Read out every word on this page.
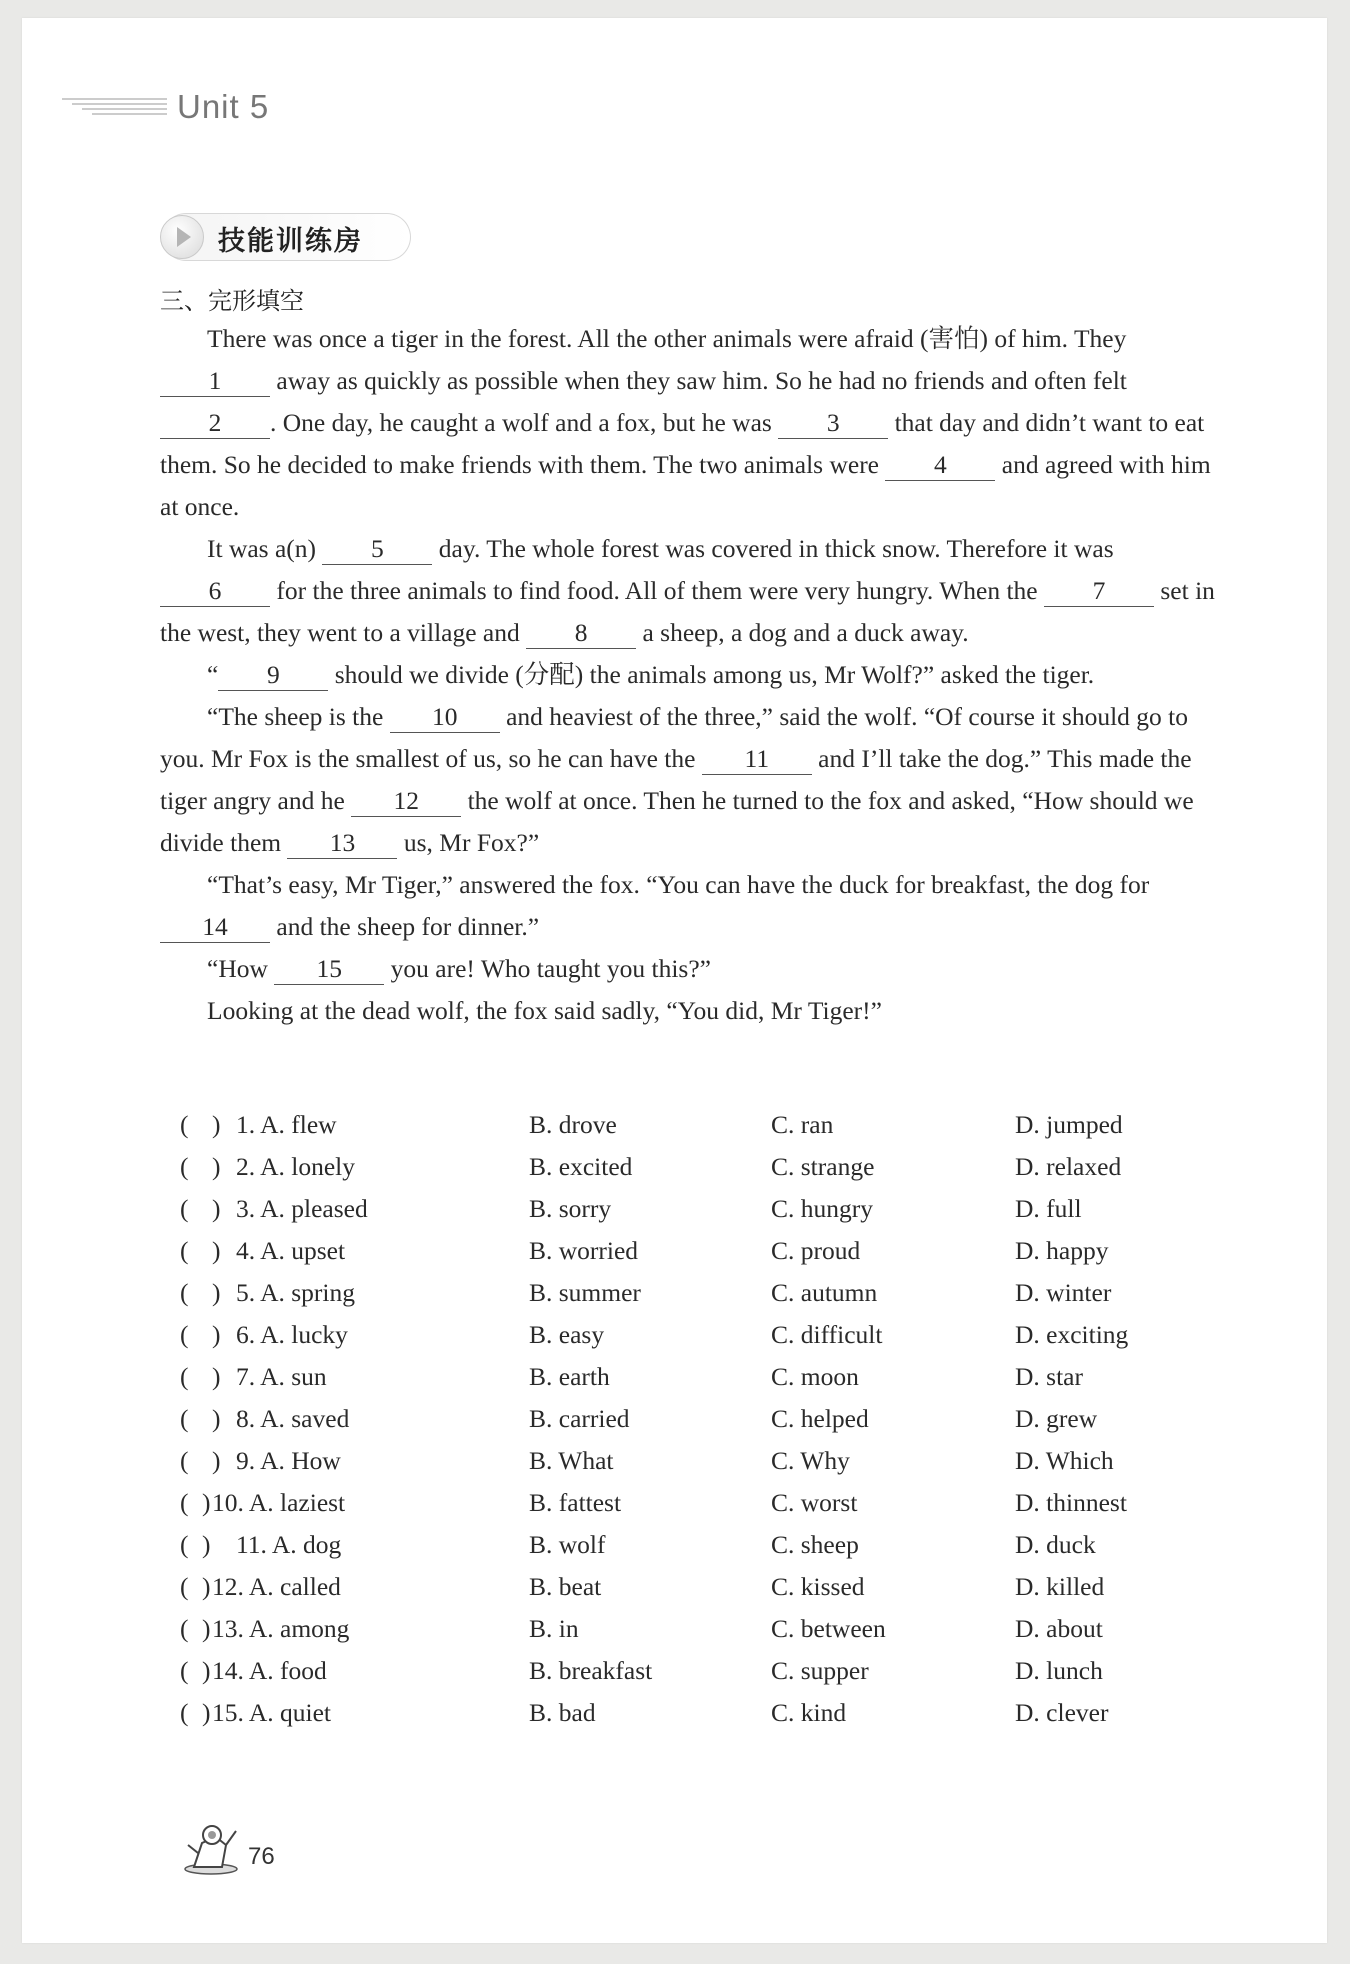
Unit 5
技能训练房
三、完形填空

There was once a tiger in the forest. All the other animals were afraid (害怕) of him. They 1 away as quickly as possible when they saw him. So he had no friends and often felt 2 . One day, he caught a wolf and a fox, but he was 3 that day and didn’t want to eat them. So he decided to make friends with them. The two animals were 4 and agreed with him at once.

It was a(n) 5 day. The whole forest was covered in thick snow. Therefore it was 6 for the three animals to find food. All of them were very hungry. When the 7 set in the west, they went to a village and 8 a sheep, a dog and a duck away.

“ 9 should we divide (分配) the animals among us, Mr Wolf?” asked the tiger.

“The sheep is the 10 and heaviest of the three,” said the wolf. “Of course it should go to you. Mr Fox is the smallest of us, so he can have the 11 and I’ll take the dog.” This made the tiger angry and he 12 the wolf at once. Then he turned to the fox and asked, “How should we divide them 13 us, Mr Fox?”

“That’s easy, Mr Tiger,” answered the fox. “You can have the duck for breakfast, the dog for 14 and the sheep for dinner.”

“How 15 you are! Who taught you this?”

Looking at the dead wolf, the fox said sadly, “You did, Mr Tiger!”

( ) 1. A. flew	B. drove	C. ran	D. jumped
( ) 2. A. lonely	B. excited	C. strange	D. relaxed
( ) 3. A. pleased	B. sorry	C. hungry	D. full
( ) 4. A. upset	B. worried	C. proud	D. happy
( ) 5. A. spring	B. summer	C. autumn	D. winter
( ) 6. A. lucky	B. easy	C. difficult	D. exciting
( ) 7. A. sun	B. earth	C. moon	D. star
( ) 8. A. saved	B. carried	C. helped	D. grew
( ) 9. A. How	B. What	C. Why	D. Which
( ) 10. A. laziest	B. fattest	C. worst	D. thinnest
( ) 11. A. dog	B. wolf	C. sheep	D. duck
( ) 12. A. called	B. beat	C. kissed	D. killed
( ) 13. A. among	B. in	C. between	D. about
( ) 14. A. food	B. breakfast	C. supper	D. lunch
( ) 15. A. quiet	B. bad	C. kind	D. clever
76
